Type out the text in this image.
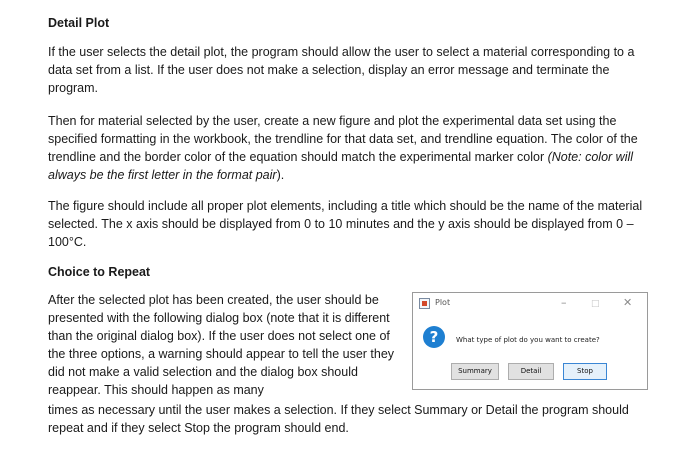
Detail Plot

If the user selects the detail plot, the program should allow the user to select a material corresponding to a data set from a list. If the user does not make a selection, display an error message and terminate the program.

Then for material selected by the user, create a new figure and plot the experimental data set using the specified formatting in the workbook, the trendline for that data set, and trendline equation. The color of the trendline and the border color of the equation should match the experimental marker color (Note: color will always be the first letter in the format pair).

The figure should include all proper plot elements, including a title which should be the name of the material selected. The x axis should be displayed from 0 to 10 minutes and the y axis should be displayed from 0 – 100°C.

Choice to Repeat

After the selected plot has been created, the user should be presented with the following dialog box (note that it is different than the original dialog box). If the user does not select one of the three options, a warning should appear to tell the user they did not make a valid selection and the dialog box should reappear. This should happen as many

times as necessary until the user makes a selection. If they select Summary or Detail the program should repeat and if they select Stop the program should end.

Plot	–	□ ✕
?	What type of plot do you want to create?
Summary	Detail	Stop
